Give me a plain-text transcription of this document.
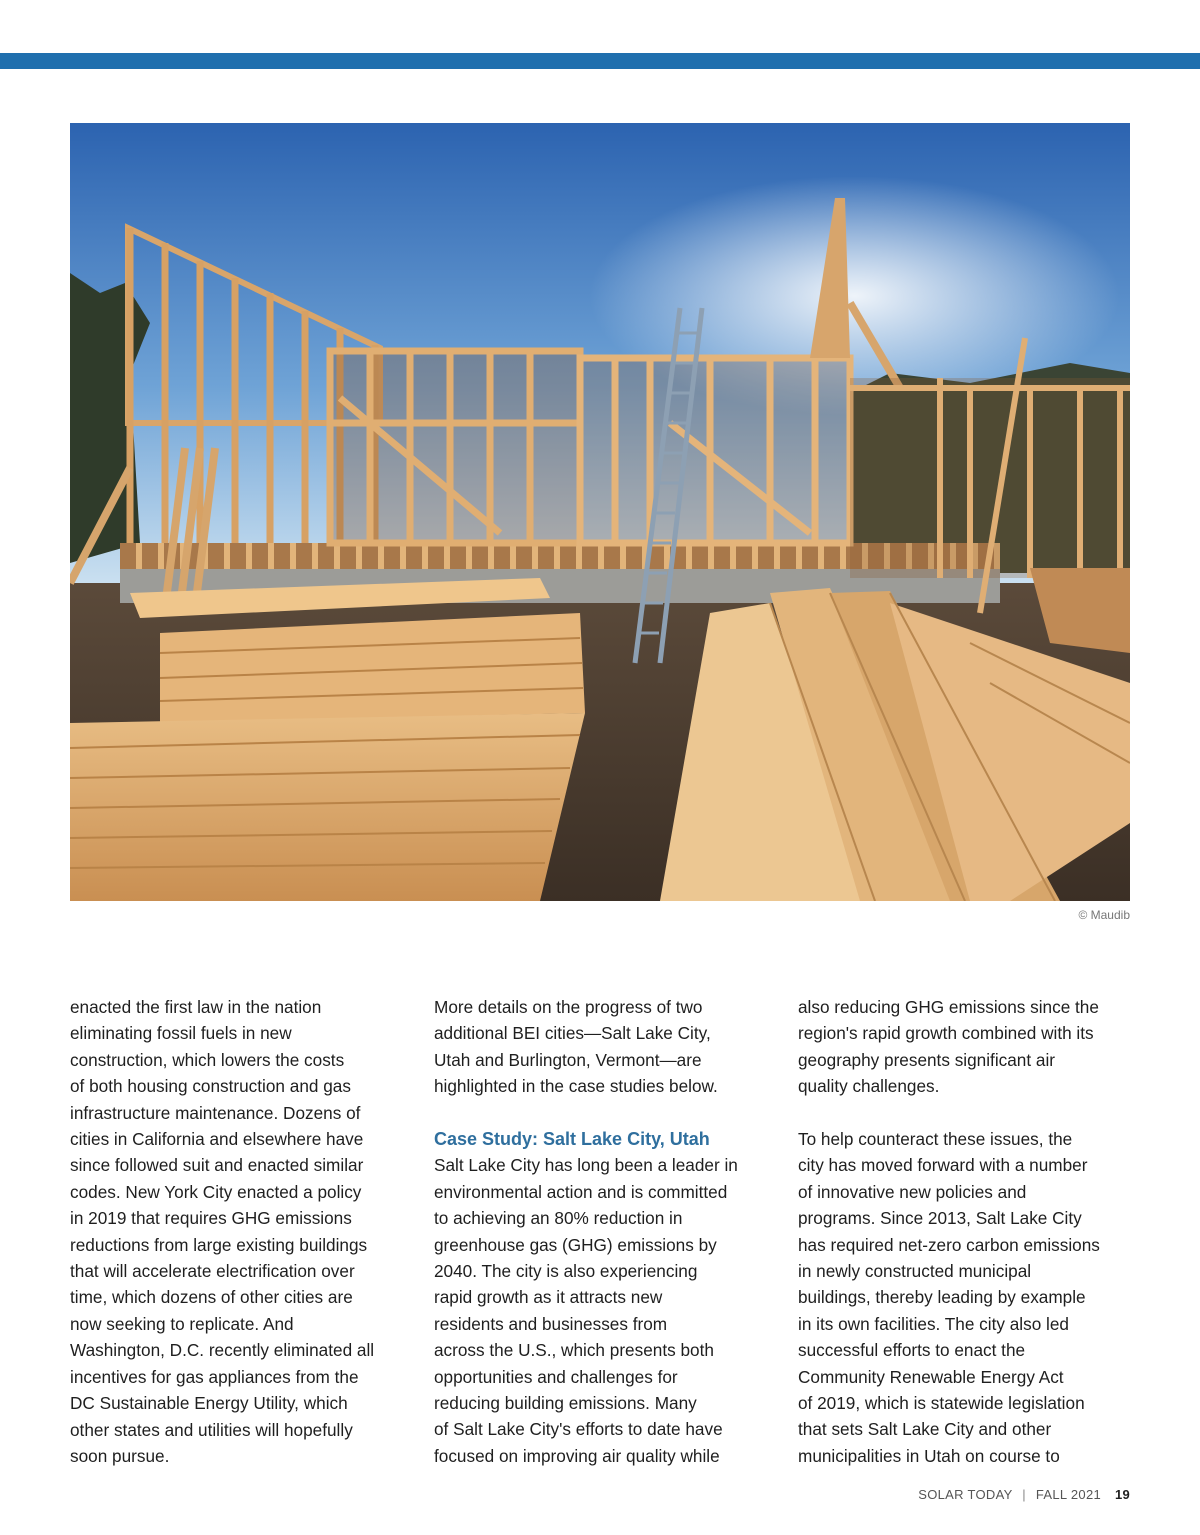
© Maudib
enacted the first law in the nation
eliminating fossil fuels in new
construction, which lowers the costs
of both housing construction and gas
infrastructure maintenance. Dozens of
cities in California and elsewhere have
since followed suit and enacted similar
codes. New York City enacted a policy
in 2019 that requires GHG emissions
reductions from large existing buildings
that will accelerate electrification over
time, which dozens of other cities are
now seeking to replicate. And
Washington, D.C. recently eliminated all
incentives for gas appliances from the
DC Sustainable Energy Utility, which
other states and utilities will hopefully
soon pursue.
More details on the progress of two
additional BEI cities—Salt Lake City,
Utah and Burlington, Vermont—are
highlighted in the case studies below.
Case Study: Salt Lake City, Utah
Salt Lake City has long been a leader in
environmental action and is committed
to achieving an 80% reduction in
greenhouse gas (GHG) emissions by
2040. The city is also experiencing
rapid growth as it attracts new
residents and businesses from
across the U.S., which presents both
opportunities and challenges for
reducing building emissions. Many
of Salt Lake City's efforts to date have
focused on improving air quality while
also reducing GHG emissions since the
region's rapid growth combined with its
geography presents significant air
quality challenges.
To help counteract these issues, the
city has moved forward with a number
of innovative new policies and
programs. Since 2013, Salt Lake City
has required net-zero carbon emissions
in newly constructed municipal
buildings, thereby leading by example
in its own facilities. The city also led
successful efforts to enact the
Community Renewable Energy Act
of 2019, which is statewide legislation
that sets Salt Lake City and other
municipalities in Utah on course to
SOLAR TODAY | FALL 2021 19
